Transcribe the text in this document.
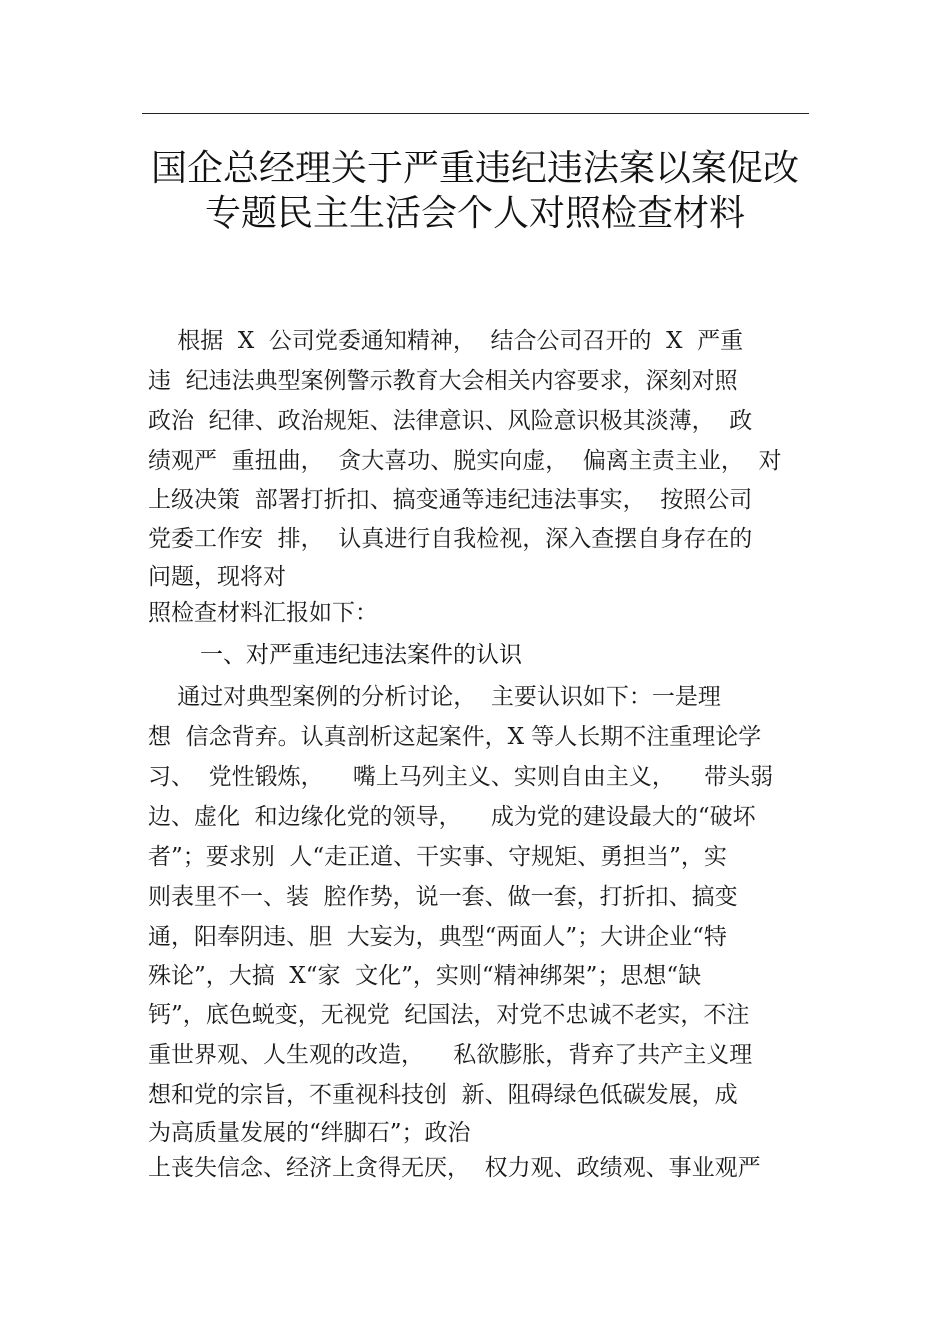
国企总经理关于严重违纪违法案以案促改
专题民主生活会个人对照检查材料
根据  X  公司党委通知精神，  结合公司召开的  X  严重
违  纪违法典型案例警示教育大会相关内容要求，深刻对照
政治  纪律、政治规矩、法律意识、风险意识极其淡薄，  政
绩观严  重扭曲，  贪大喜功、脱实向虚，  偏离主责主业，  对
上级决策  部署打折扣、搞变通等违纪违法事实，  按照公司
党委工作安  排，  认真进行自我检视，深入查摆自身存在的
问题，现将对
照检查材料汇报如下：
一、对严重违纪违法案件的认识
通过对典型案例的分析讨论，  主要认识如下：一是理
想  信念背弃。认真剖析这起案件，X 等人长期不注重理论学
习、  党性锻炼，    嘴上马列主义、实则自由主义，    带头弱
边、虚化  和边缘化党的领导，    成为党的建设最大的“破坏
者”；要求别  人“走正道、干实事、守规矩、勇担当”，实
则表里不一、装  腔作势，说一套、做一套，打折扣、搞变
通，阳奉阴违、胆  大妄为，典型“两面人”；大讲企业“特
殊论”，大搞  X“家  文化”，实则“精神绑架”；思想“缺
钙”，底色蜕变，无视党  纪国法，对党不忠诚不老实，不注
重世界观、人生观的改造，    私欲膨胀，背弃了共产主义理
想和党的宗旨，不重视科技创  新、阻碍绿色低碳发展，成
为高质量发展的“绊脚石”；政治
上丧失信念、经济上贪得无厌，  权力观、政绩观、事业观严
